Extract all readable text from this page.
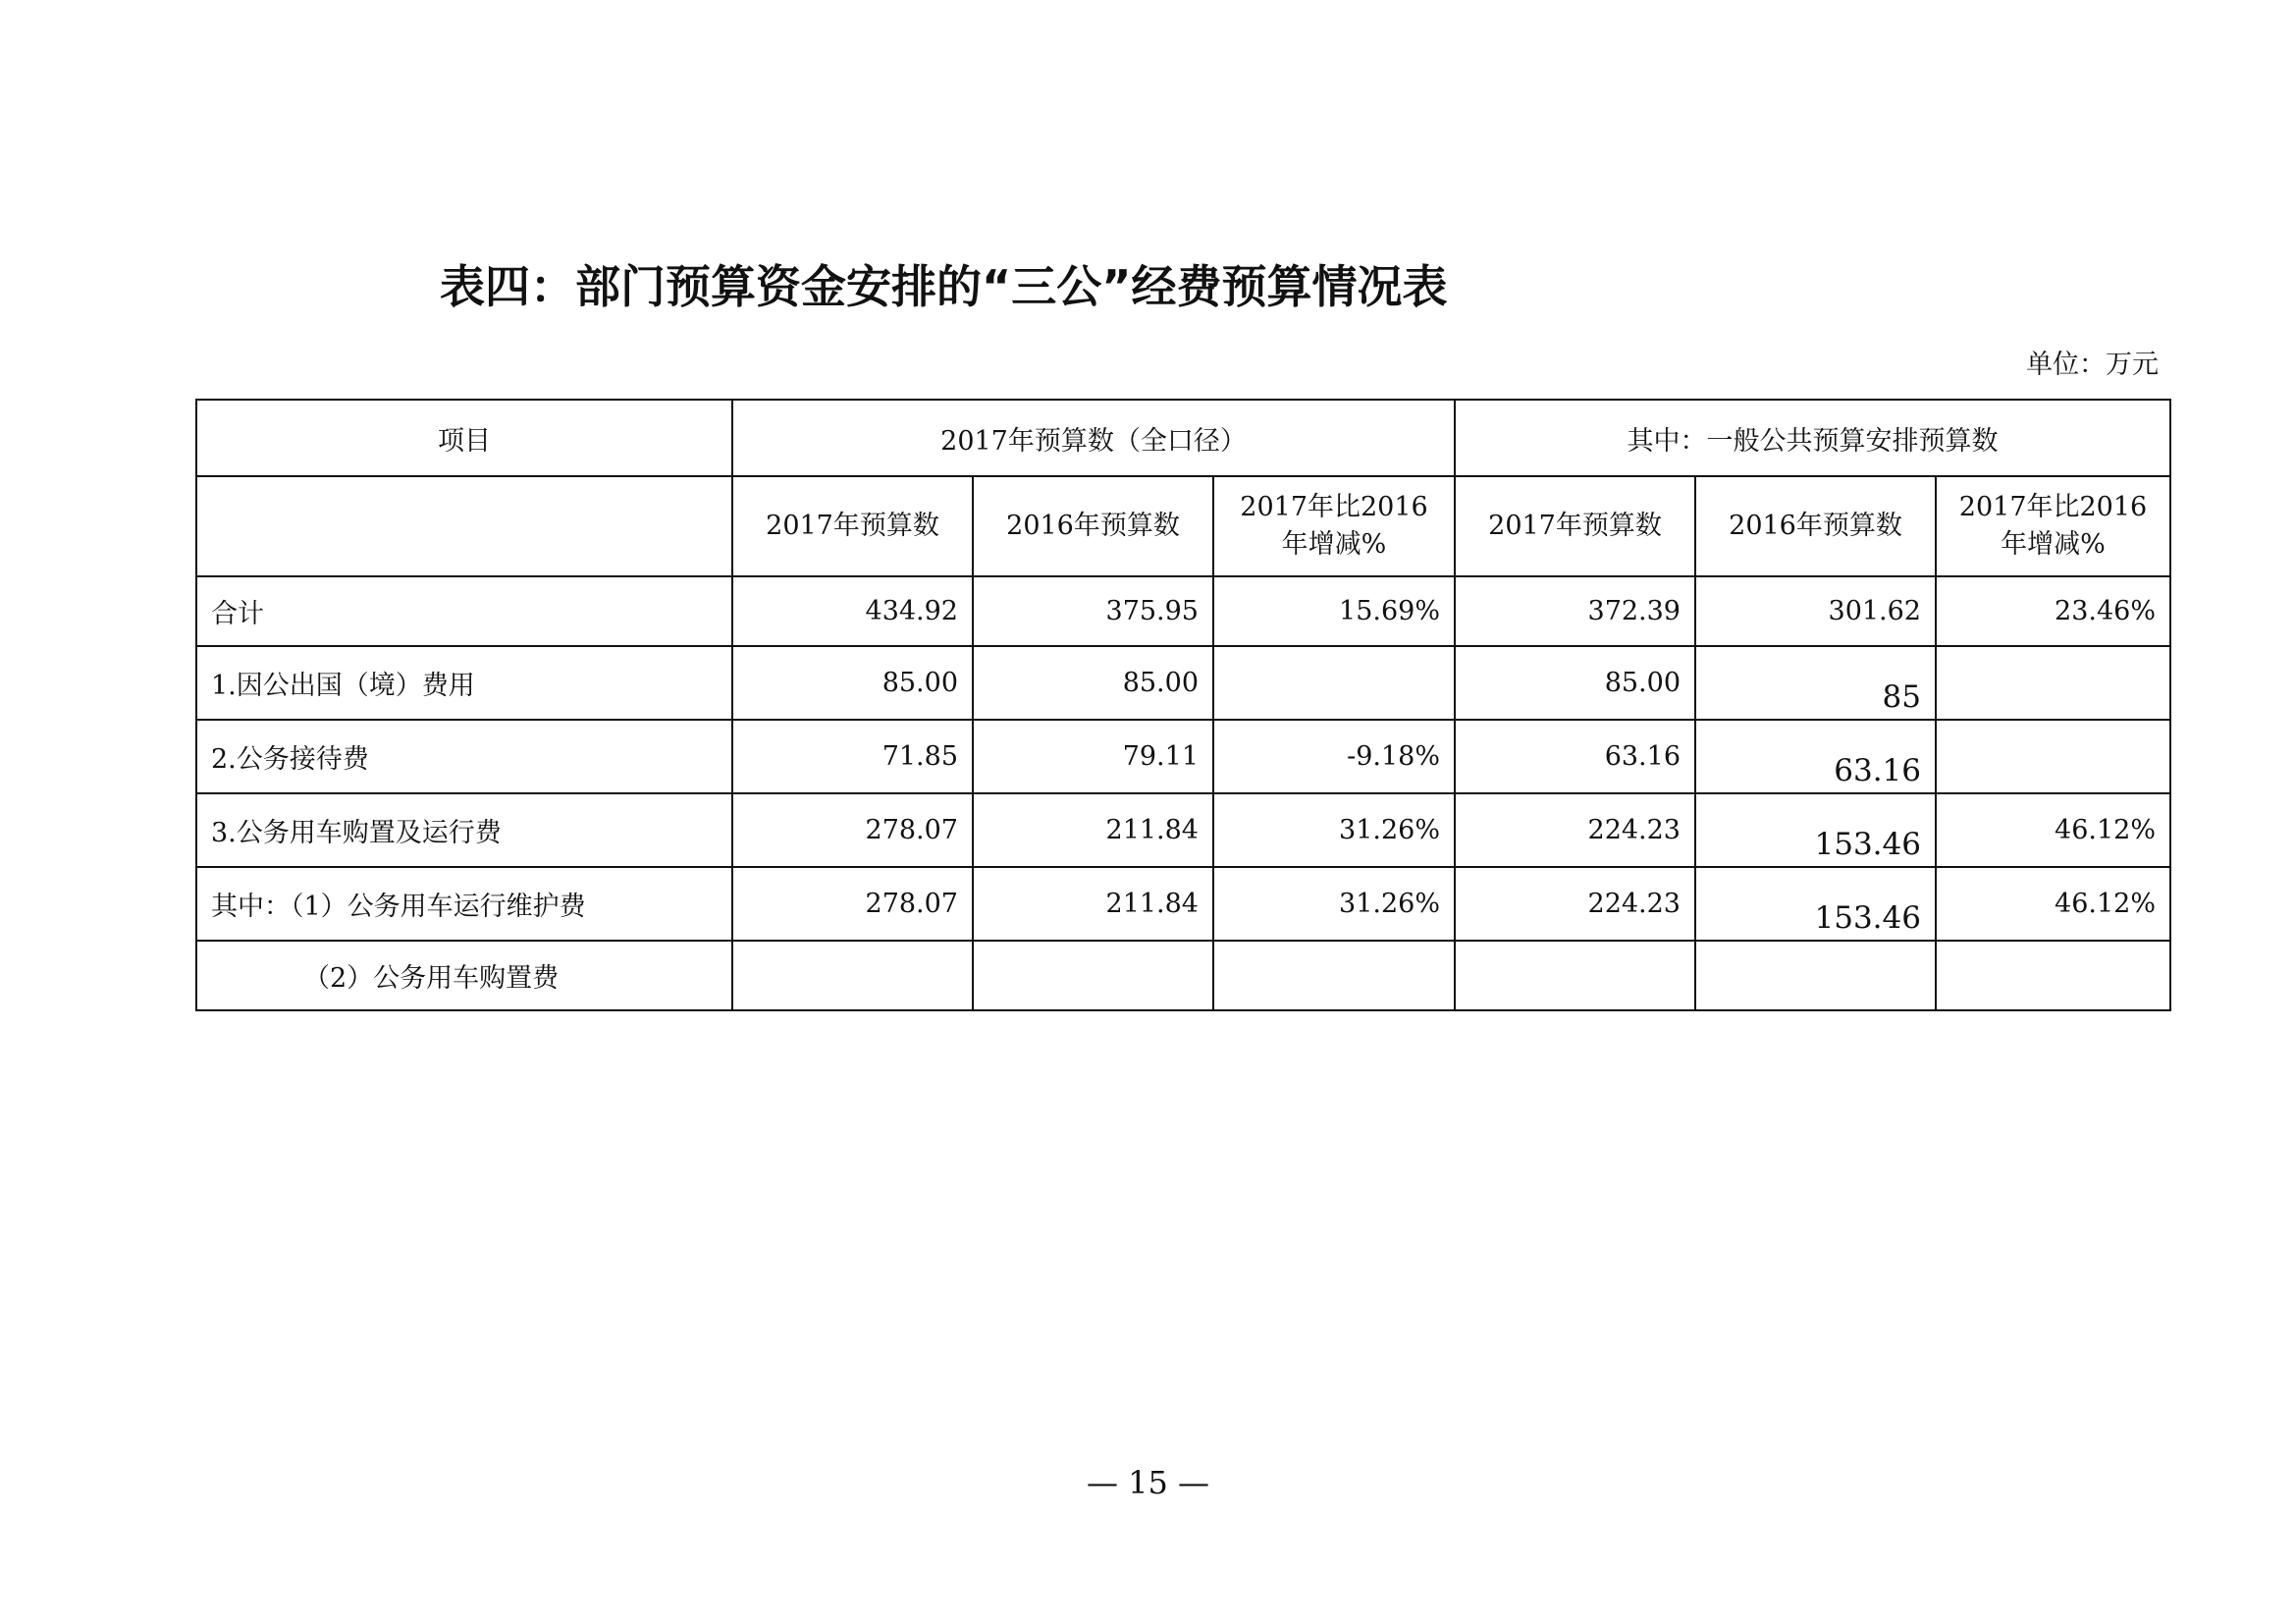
表四：部门预算资金安排的“三公”经费预算情况表
单位：万元
项目	2017年预算数（全口径）			其中：一般公共预算安排预算数		
	2017年预算数	2016年预算数	2017年比2016年增减%	2017年预算数	2016年预算数	2017年比2016年增减%
合计	434.92	375.95	15.69%	372.39	301.62	23.46%
1.因公出国（境）费用	85.00	85.00		85.00	85	
2.公务接待费	71.85	79.11	-9.18%	63.16	63.16	
3.公务用车购置及运行费	278.07	211.84	31.26%	224.23	153.46	46.12%
其中：（1）公务用车运行维护费	278.07	211.84	31.26%	224.23	153.46	46.12%
（2）公务用车购置费						
— 15 —
